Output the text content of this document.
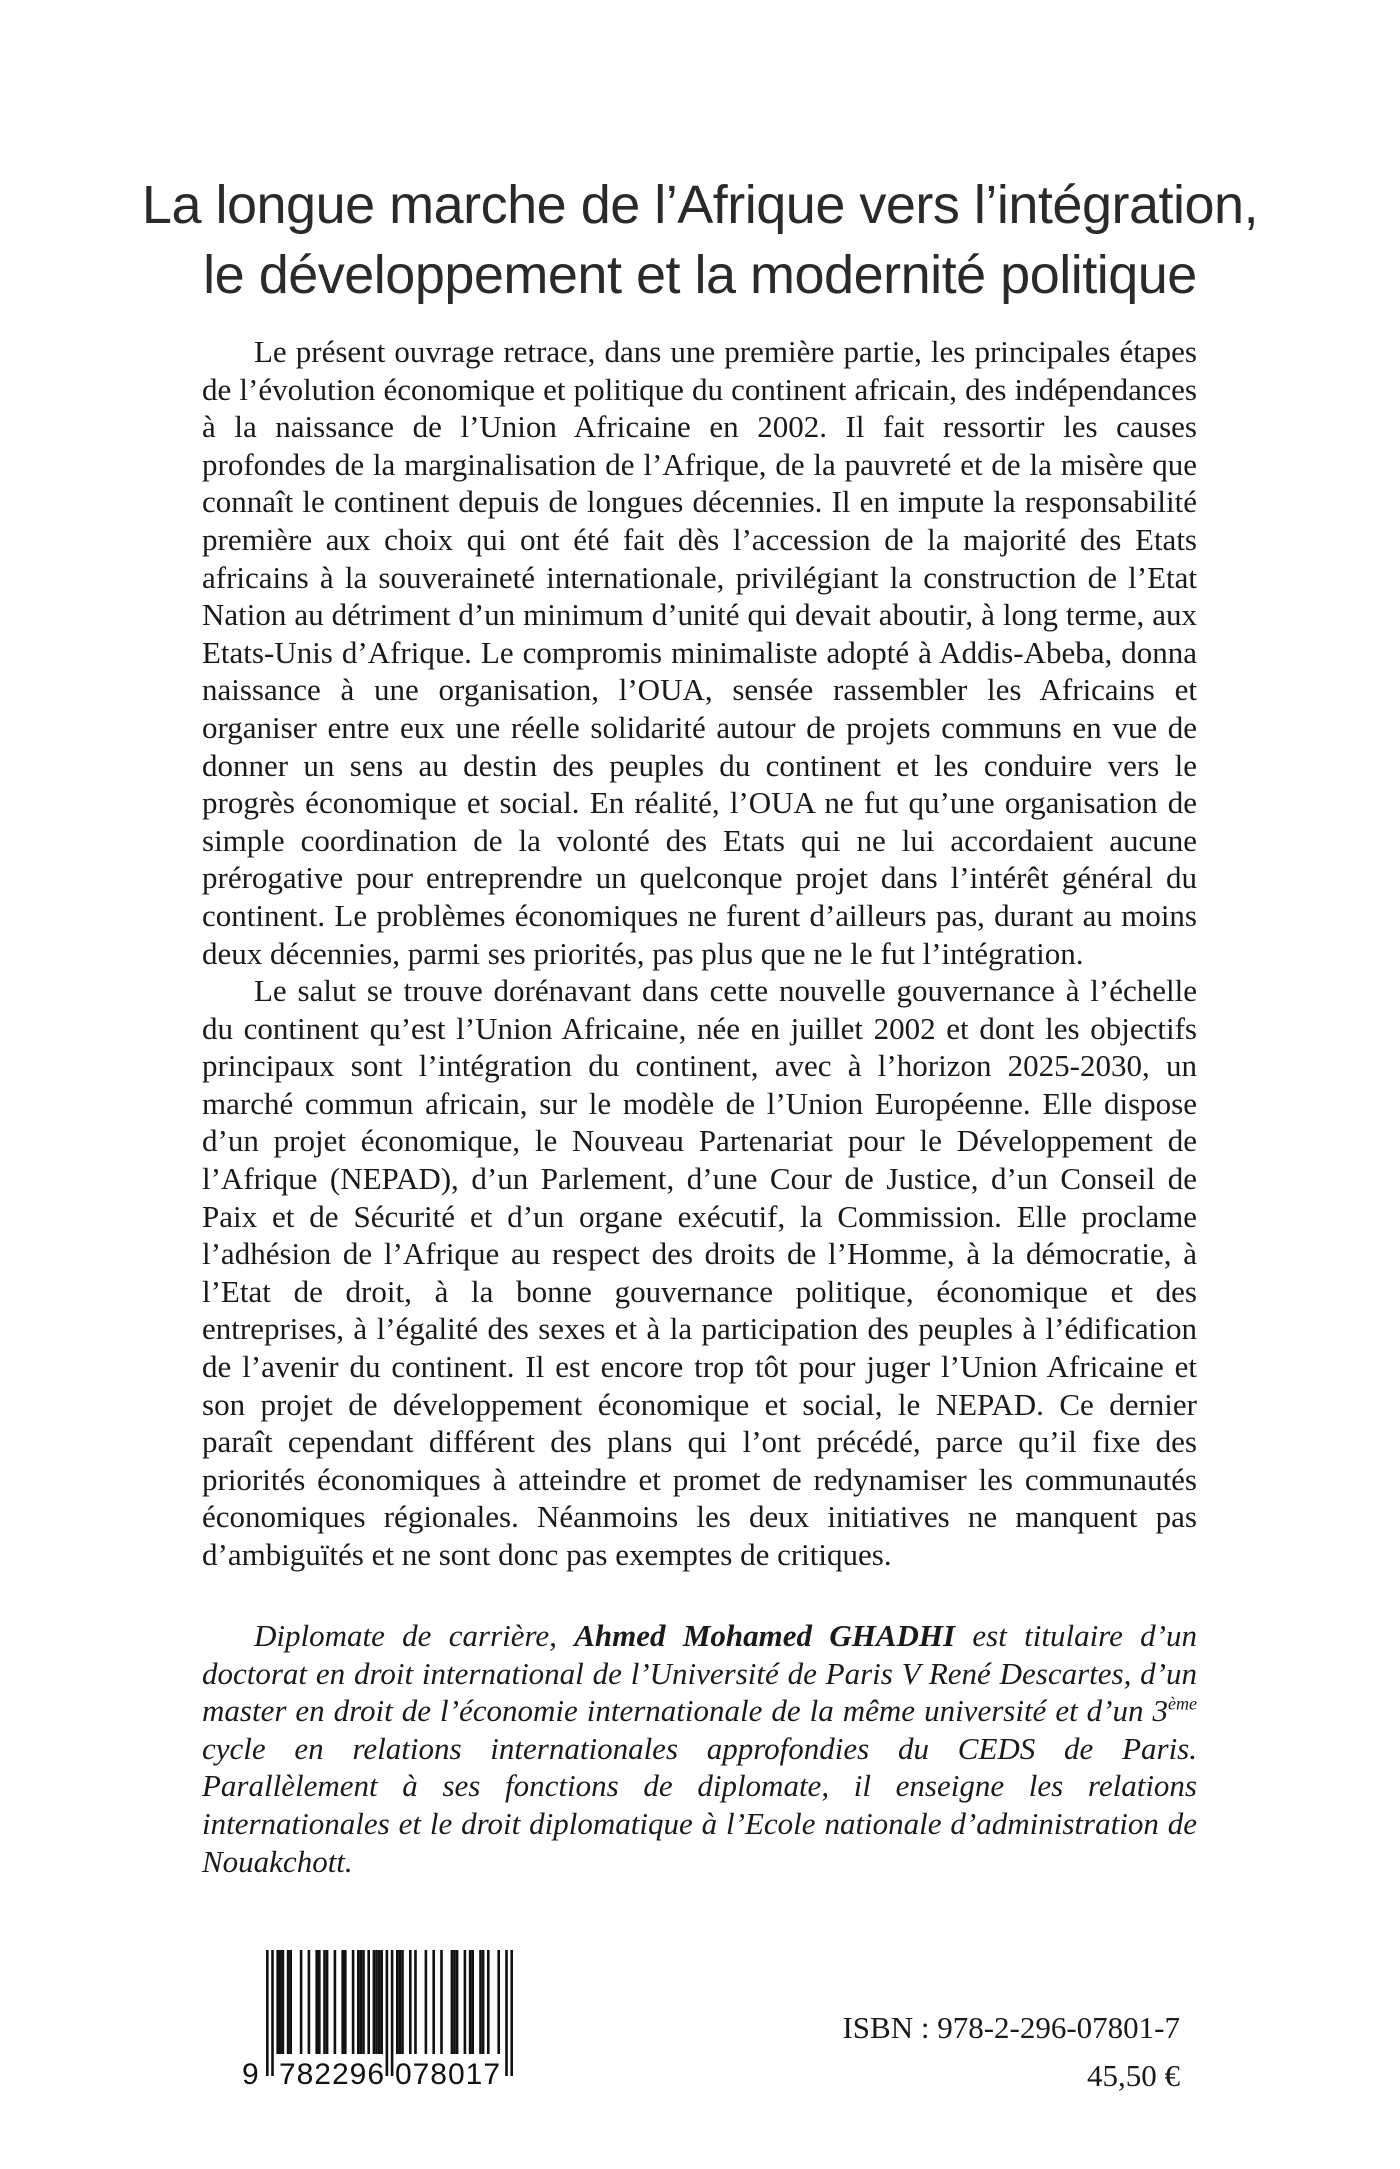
La longue marche de l’Afrique vers l’intégration,
le développement et la modernité politique

Le présent ouvrage retrace, dans une première partie, les principales étapes de l’évolution économique et politique du continent africain, des indépendances à la naissance de l’Union Africaine en 2002. Il fait ressortir les causes profondes de la marginalisation de l’Afrique, de la pauvreté et de la misère que connaît le continent depuis de longues décennies. Il en impute la responsabilité première aux choix qui ont été fait dès l’accession de la majorité des Etats africains à la souveraineté internationale, privilégiant la construction de l’Etat Nation au détriment d’un minimum d’unité qui devait aboutir, à long terme, aux Etats-Unis d’Afrique. Le compromis minimaliste adopté à Addis-Abeba, donna naissance à une organisation, l’OUA, sensée rassembler les Africains et organiser entre eux une réelle solidarité autour de projets communs en vue de donner un sens au destin des peuples du continent et les conduire vers le progrès économique et social. En réalité, l’OUA ne fut qu’une organisation de simple coordination de la volonté des Etats qui ne lui accordaient aucune prérogative pour entreprendre un quelconque projet dans l’intérêt général du continent. Le problèmes économiques ne furent d’ailleurs pas, durant au moins deux décennies, parmi ses priorités, pas plus que ne le fut l’intégration.

Le salut se trouve dorénavant dans cette nouvelle gouvernance à l’échelle du continent qu’est l’Union Africaine, née en juillet 2002 et dont les objectifs principaux sont l’intégration du continent, avec à l’horizon 2025-2030, un marché commun africain, sur le modèle de l’Union Européenne. Elle dispose d’un projet économique, le Nouveau Partenariat pour le Développement de l’Afrique (NEPAD), d’un Parlement, d’une Cour de Justice, d’un Conseil de Paix et de Sécurité et d’un organe exécutif, la Commission. Elle proclame l’adhésion de l’Afrique au respect des droits de l’Homme, à la démocratie, à l’Etat de droit, à la bonne gouvernance politique, économique et des entreprises, à l’égalité des sexes et à la participation des peuples à l’édification de l’avenir du continent. Il est encore trop tôt pour juger l’Union Africaine et son projet de développement économique et social, le NEPAD. Ce dernier paraît cependant différent des plans qui l’ont précédé, parce qu’il fixe des priorités économiques à atteindre et promet de redynamiser les communautés économiques régionales. Néanmoins les deux initiatives ne manquent pas d’ambiguïtés et ne sont donc pas exemptes de critiques.

Diplomate de carrière, Ahmed Mohamed GHADHI est titulaire d’un doctorat en droit international de l’Université de Paris V René Descartes, d’un master en droit de l’économie internationale de la même université et d’un 3ème cycle en relations internationales approfondies du CEDS de Paris. Parallèlement à ses fonctions de diplomate, il enseigne les relations internationales et le droit diplomatique à l’Ecole nationale d’administration de Nouakchott.
9 782296 078017
ISBN : 978-2-296-07801-7
45,50 €
